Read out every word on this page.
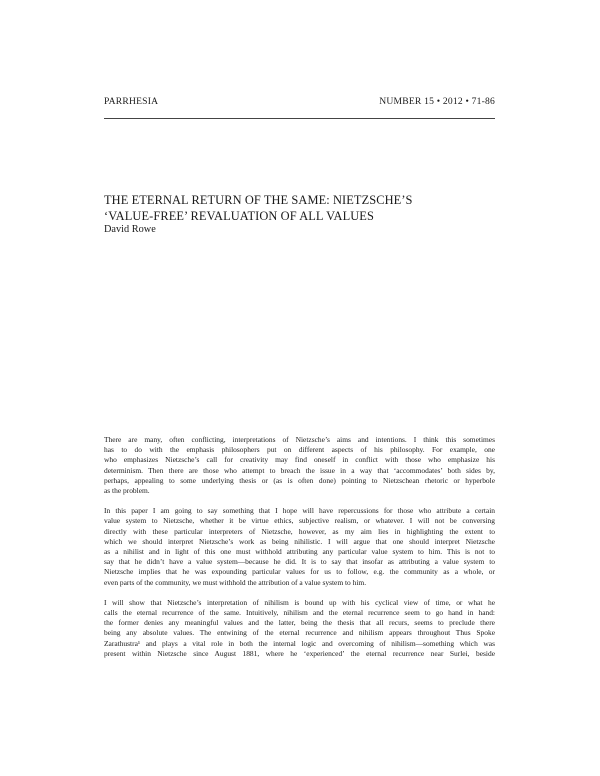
PARRHESIA	NUMBER 15 • 2012 • 71-86
THE ETERNAL RETURN OF THE SAME: NIETZSCHE’S
‘VALUE-FREE’ REVALUATION OF ALL VALUES
David Rowe

There are many, often conflicting, interpretations of Nietzsche’s aims and intentions. I think this sometimes
has to do with the emphasis philosophers put on different aspects of his philosophy. For example, one
who emphasizes Nietzsche’s call for creativity may find oneself in conflict with those who emphasize his
determinism. Then there are those who attempt to breach the issue in a way that ‘accommodates’ both sides by,
perhaps, appealing to some underlying thesis or (as is often done) pointing to Nietzschean rhetoric or hyperbole
as the problem.

In this paper I am going to say something that I hope will have repercussions for those who attribute a certain
value system to Nietzsche, whether it be virtue ethics, subjective realism, or whatever. I will not be conversing
directly with these particular interpreters of Nietzsche, however, as my aim lies in highlighting the extent to
which we should interpret Nietzsche’s work as being nihilistic. I will argue that one should interpret Nietzsche
as a nihilist and in light of this one must withhold attributing any particular value system to him. This is not to
say that he didn’t have a value system—because he did. It is to say that insofar as attributing a value system to
Nietzsche implies that he was expounding particular values for us to follow, e.g. the community as a whole, or
even parts of the community, we must withhold the attribution of a value system to him.

I will show that Nietzsche’s interpretation of nihilism is bound up with his cyclical view of time, or what he
calls the eternal recurrence of the same. Intuitively, nihilism and the eternal recurrence seem to go hand in hand:
the former denies any meaningful values and the latter, being the thesis that all recurs, seems to preclude there
being any absolute values. The entwining of the eternal recurrence and nihilism appears throughout Thus Spoke
Zarathustra¹ and plays a vital role in both the internal logic and overcoming of nihilism—something which was
present within Nietzsche since August 1881, where he ‘experienced’ the eternal recurrence near Surlei, beside
